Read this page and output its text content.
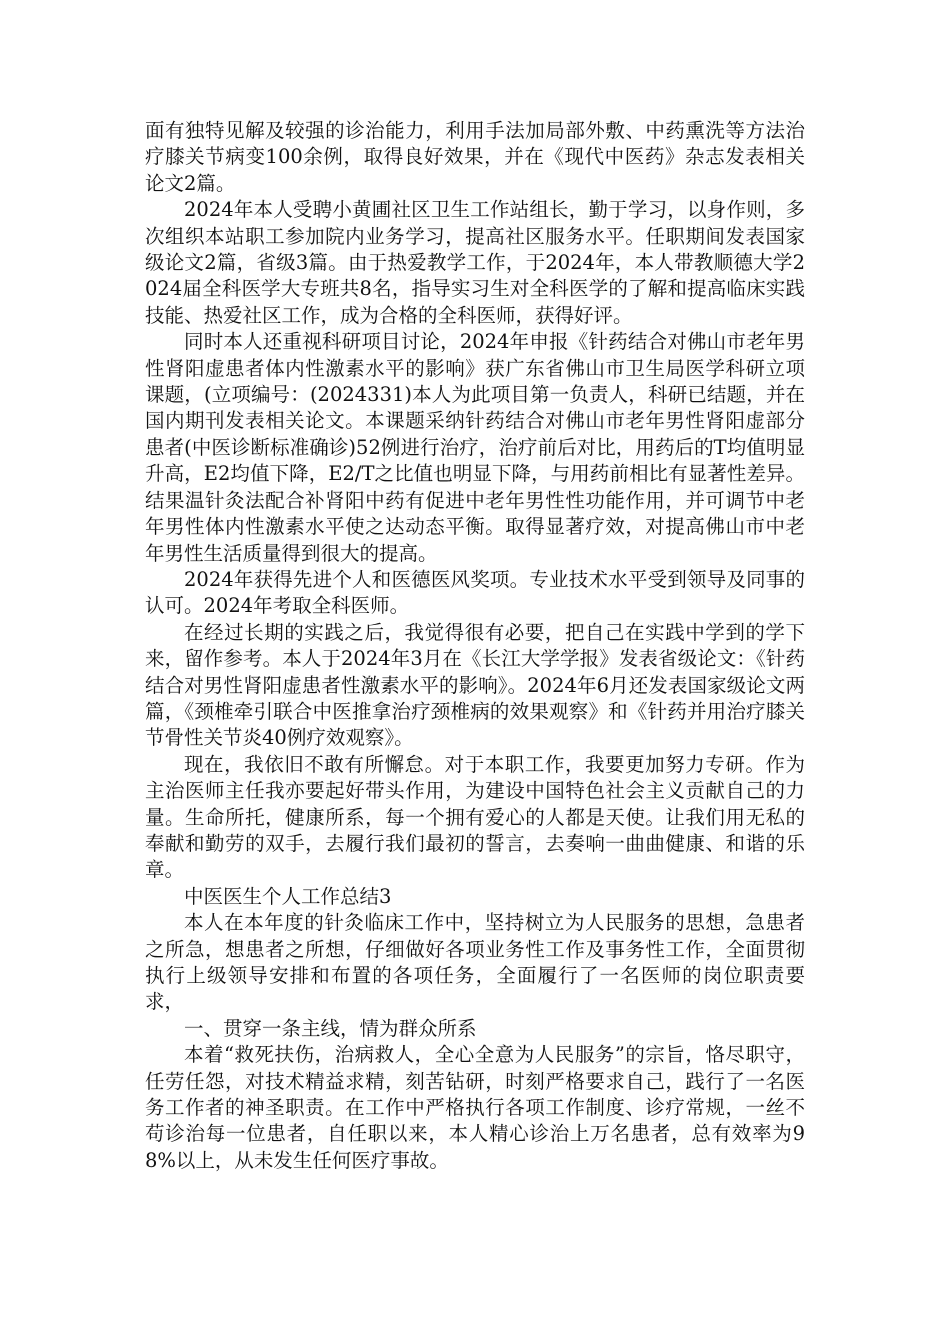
面有独特见解及较强的诊治能力，利用手法加局部外敷、中药熏洗等方法治疗膝关节病变100余例，取得良好效果，并在《现代中医药》杂志发表相关论文2篇。

2024年本人受聘小黄圃社区卫生工作站组长，勤于学习，以身作则，多次组织本站职工参加院内业务学习，提高社区服务水平。任职期间发表国家级论文2篇，省级3篇。由于热爱教学工作，于2024年，本人带教顺德大学2024届全科医学大专班共8名，指导实习生对全科医学的了解和提高临床实践技能、热爱社区工作，成为合格的全科医师，获得好评。

同时本人还重视科研项目讨论，2024年申报《针药结合对佛山市老年男性肾阳虚患者体内性激素水平的影响》获广东省佛山市卫生局医学科研立项课题，(立项编号：(2024331)本人为此项目第一负责人，科研已结题，并在国内期刊发表相关论文。本课题采纳针药结合对佛山市老年男性肾阳虚部分患者(中医诊断标准确诊)52例进行治疗，治疗前后对比，用药后的T均值明显升高，E2均值下降，E2/T之比值也明显下降，与用药前相比有显著性差异。结果温针灸法配合补肾阳中药有促进中老年男性性功能作用，并可调节中老年男性体内性激素水平使之达动态平衡。取得显著疗效，对提高佛山市中老年男性生活质量得到很大的提高。

2024年获得先进个人和医德医风奖项。专业技术水平受到领导及同事的认可。2024年考取全科医师。

在经过长期的实践之后，我觉得很有必要，把自己在实践中学到的学下来，留作参考。本人于2024年3月在《长江大学学报》发表省级论文：《针药结合对男性肾阳虚患者性激素水平的影响》。2024年6月还发表国家级论文两篇，《颈椎牵引联合中医推拿治疗颈椎病的效果观察》和《针药并用治疗膝关节骨性关节炎40例疗效观察》。

现在，我依旧不敢有所懈怠。对于本职工作，我要更加努力专研。作为主治医师主任我亦要起好带头作用，为建设中国特色社会主义贡献自己的力量。生命所托，健康所系，每一个拥有爱心的人都是天使。让我们用无私的奉献和勤劳的双手，去履行我们最初的誓言，去奏响一曲曲健康、和谐的乐章。

中医医生个人工作总结3

本人在本年度的针灸临床工作中，坚持树立为人民服务的思想，急患者之所急，想患者之所想，仔细做好各项业务性工作及事务性工作，全面贯彻执行上级领导安排和布置的各项任务，全面履行了一名医师的岗位职责要求，

一、贯穿一条主线，情为群众所系

本着“救死扶伤，治病救人，全心全意为人民服务”的宗旨，恪尽职守，任劳任怨，对技术精益求精，刻苦钻研，时刻严格要求自己，践行了一名医务工作者的神圣职责。在工作中严格执行各项工作制度、诊疗常规，一丝不苟诊治每一位患者，自任职以来，本人精心诊治上万名患者，总有效率为98%以上，从未发生任何医疗事故。
